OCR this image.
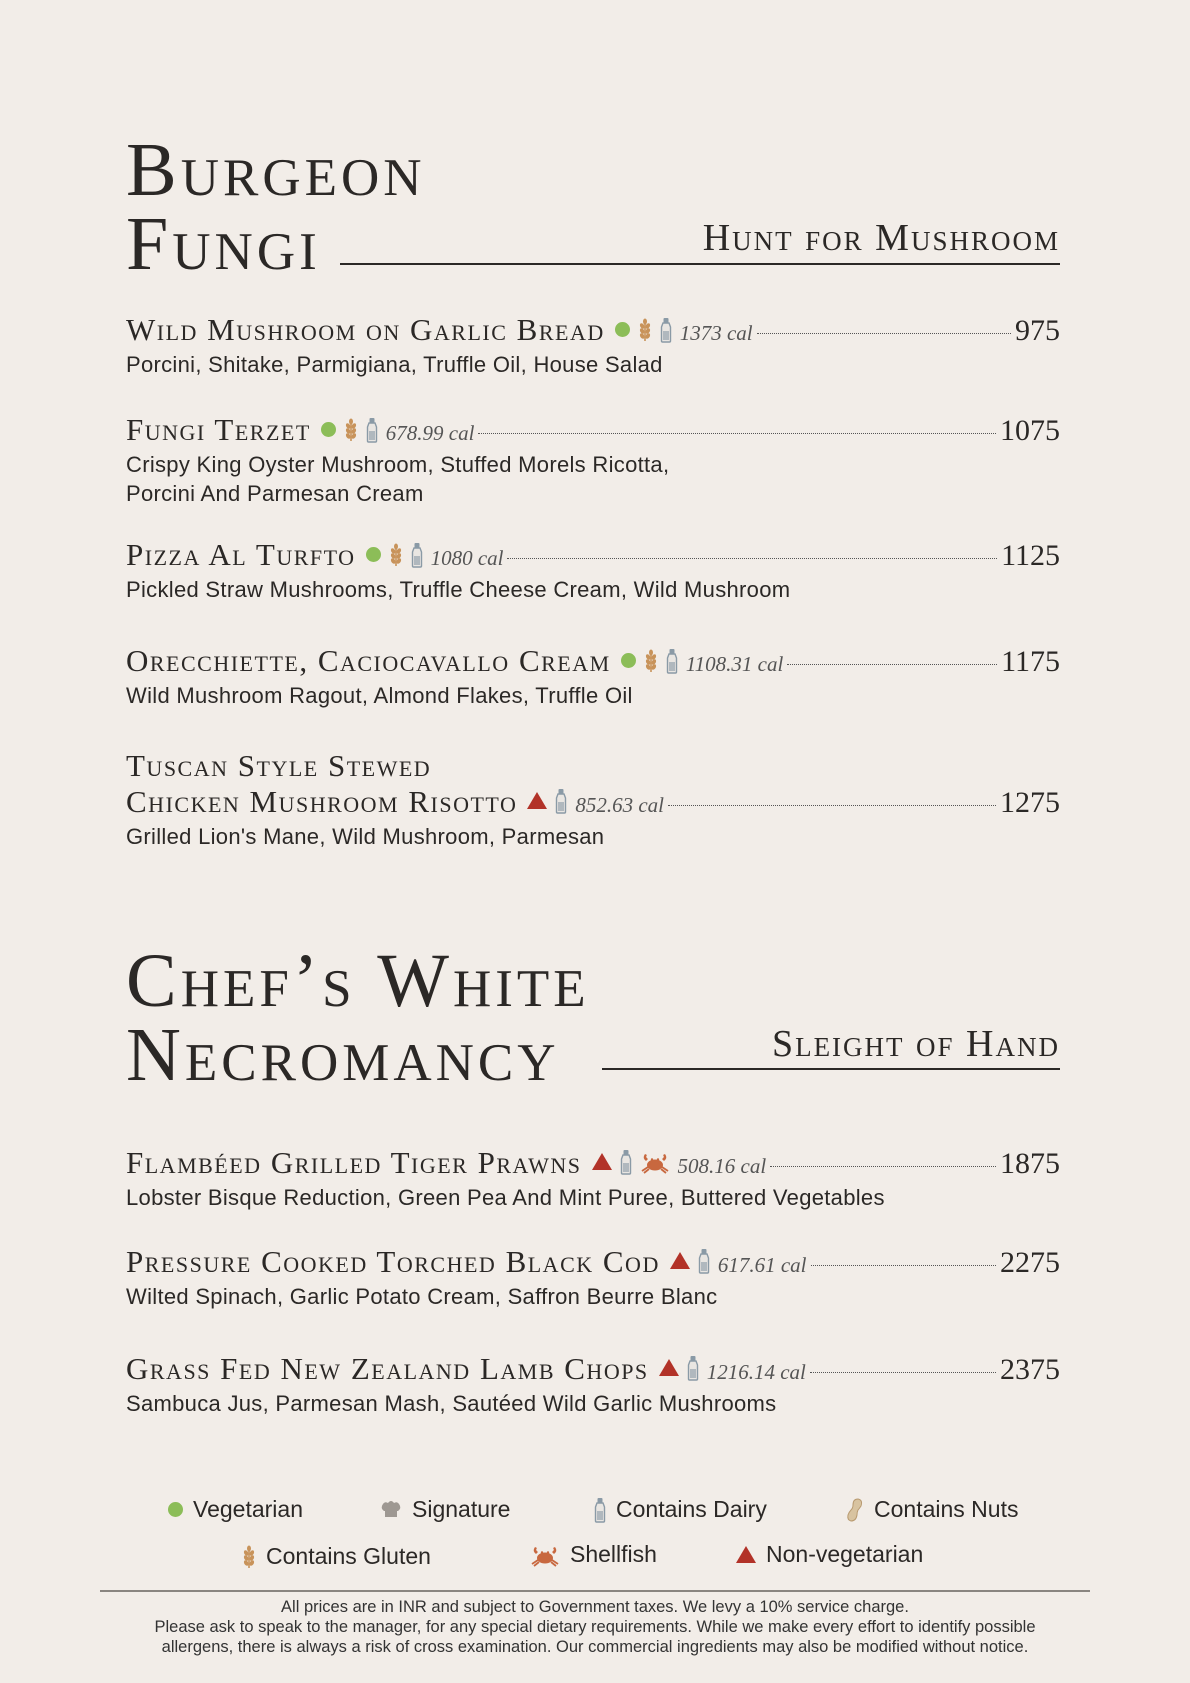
Burgeon
Fungi	Hunt for Mushroom
Wild Mushroom on Garlic Bread	1373 cal	975
Porcini, Shitake, Parmigiana, Truffle Oil, House Salad
Fungi Terzet	678.99 cal	1075
Crispy King Oyster Mushroom, Stuffed Morels Ricotta,
Porcini And Parmesan Cream
Pizza Al Turfto	1080 cal	1125
Pickled Straw Mushrooms, Truffle Cheese Cream, Wild Mushroom
Orecchiette, Caciocavallo Cream	1108.31 cal	1175
Wild Mushroom Ragout, Almond Flakes, Truffle Oil
Tuscan Style Stewed
Chicken Mushroom Risotto	852.63 cal	1275
Grilled Lion's Mane, Wild Mushroom, Parmesan
Chef’s White
Necromancy	Sleight of Hand
Flambéed Grilled Tiger Prawns	508.16 cal	1875
Lobster Bisque Reduction, Green Pea And Mint Puree, Buttered Vegetables
Pressure Cooked Torched Black Cod	617.61 cal	2275
Wilted Spinach, Garlic Potato Cream, Saffron Beurre Blanc
Grass Fed New Zealand Lamb Chops	1216.14 cal	2375
Sambuca Jus, Parmesan Mash, Sautéed Wild Garlic Mushrooms
Vegetarian	Signature	Contains Dairy	Contains Nuts
Contains Gluten	Shellfish	Non-vegetarian
All prices are in INR and subject to Government taxes. We levy a 10% service charge.
Please ask to speak to the manager, for any special dietary requirements. While we make every effort to identify possible
allergens, there is always a risk of cross examination. Our commercial ingredients may also be modified without notice.
